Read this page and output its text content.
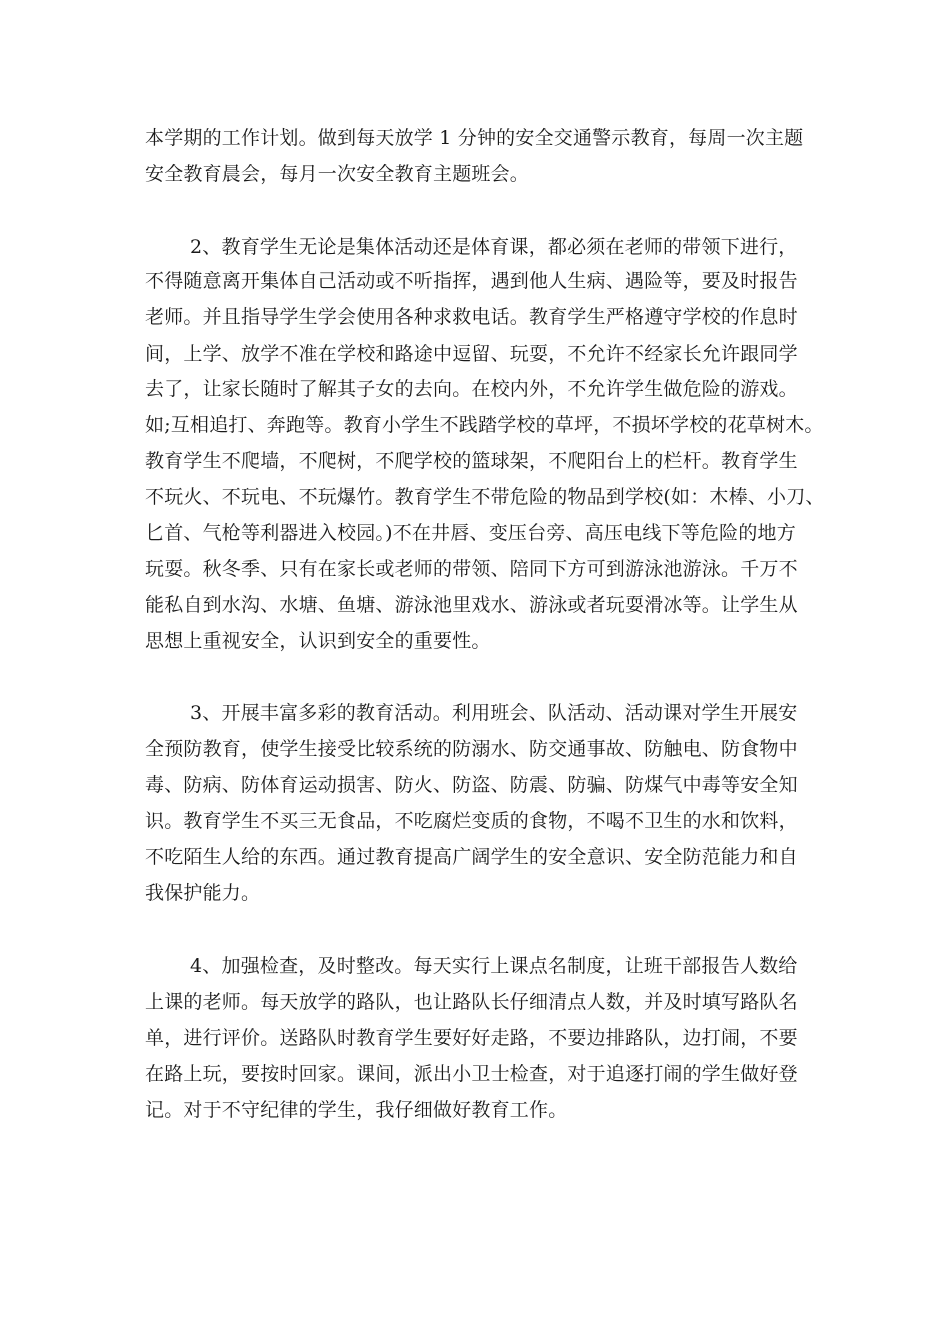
本学期的工作计划。做到每天放学 1 分钟的安全交通警示教育，每周一次主题
安全教育晨会，每月一次安全教育主题班会。
2、教育学生无论是集体活动还是体育课，都必须在老师的带领下进行，
不得随意离开集体自己活动或不听指挥，遇到他人生病、遇险等，要及时报告
老师。并且指导学生学会使用各种求救电话。教育学生严格遵守学校的作息时
间，上学、放学不准在学校和路途中逗留、玩耍，不允许不经家长允许跟同学
去了，让家长随时了解其子女的去向。在校内外，不允许学生做危险的游戏。
如;互相追打、奔跑等。教育小学生不践踏学校的草坪，不损坏学校的花草树木。
教育学生不爬墙，不爬树，不爬学校的篮球架，不爬阳台上的栏杆。教育学生
不玩火、不玩电、不玩爆竹。教育学生不带危险的物品到学校(如：木棒、小刀、
匕首、气枪等利器进入校园。)不在井唇、变压台旁、高压电线下等危险的地方
玩耍。秋冬季、只有在家长或老师的带领、陪同下方可到游泳池游泳。千万不
能私自到水沟、水塘、鱼塘、游泳池里戏水、游泳或者玩耍滑冰等。让学生从
思想上重视安全，认识到安全的重要性。
3、开展丰富多彩的教育活动。利用班会、队活动、活动课对学生开展安
全预防教育，使学生接受比较系统的防溺水、防交通事故、防触电、防食物中
毒、防病、防体育运动损害、防火、防盗、防震、防骗、防煤气中毒等安全知
识。教育学生不买三无食品，不吃腐烂变质的食物，不喝不卫生的水和饮料，
不吃陌生人给的东西。通过教育提高广阔学生的安全意识、安全防范能力和自
我保护能力。
4、加强检查，及时整改。每天实行上课点名制度，让班干部报告人数给
上课的老师。每天放学的路队，也让路队长仔细清点人数，并及时填写路队名
单，进行评价。送路队时教育学生要好好走路，不要边排路队，边打闹，不要
在路上玩，要按时回家。课间，派出小卫士检查，对于追逐打闹的学生做好登
记。对于不守纪律的学生，我仔细做好教育工作。
